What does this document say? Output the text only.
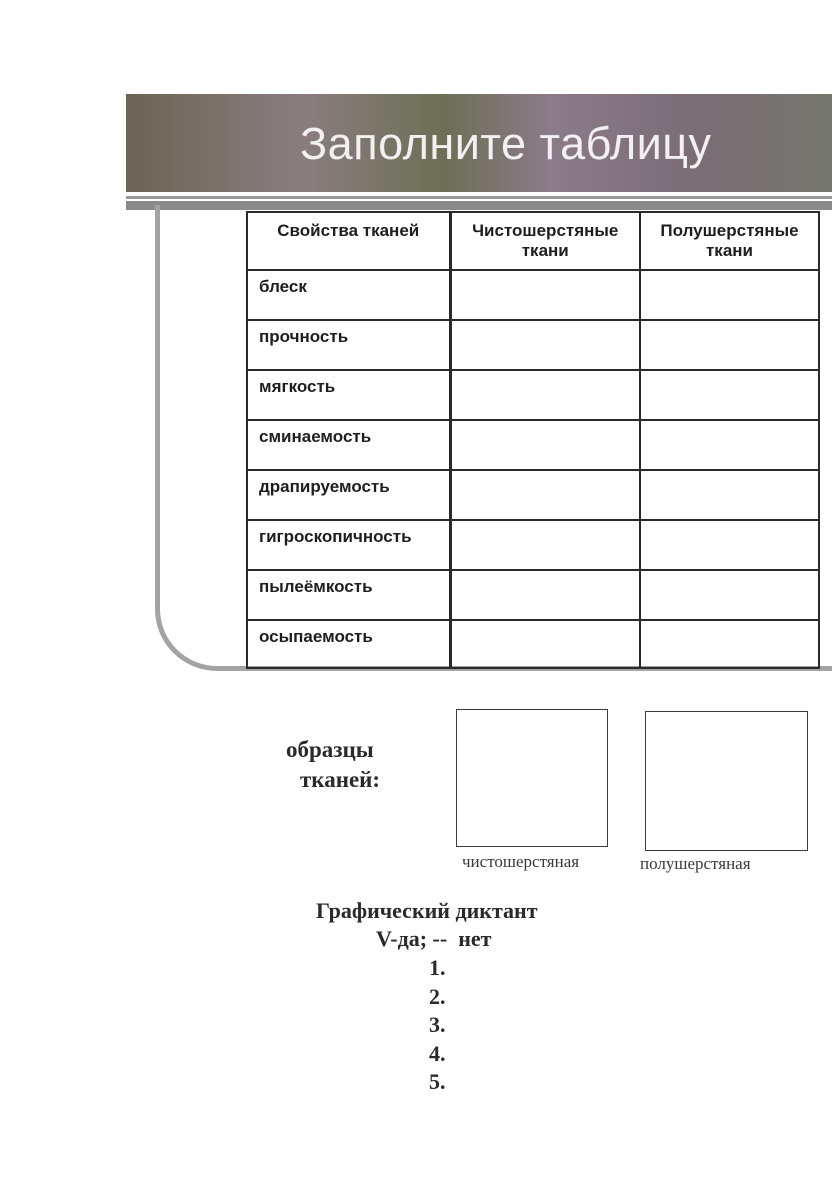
Заполните таблицу
Свойства тканей	Чистошерстяные ткани	Полушерстяные ткани
блеск		
прочность		
мягкость		
сминаемость		
драпируемость		
гигроскопичность		
пылеёмкость		
осыпаемость		
образцы
тканей:
чистошерстяная	полушерстяная
Графический диктант
V-да; --  нет
1.
2.
3.
4.
5.
